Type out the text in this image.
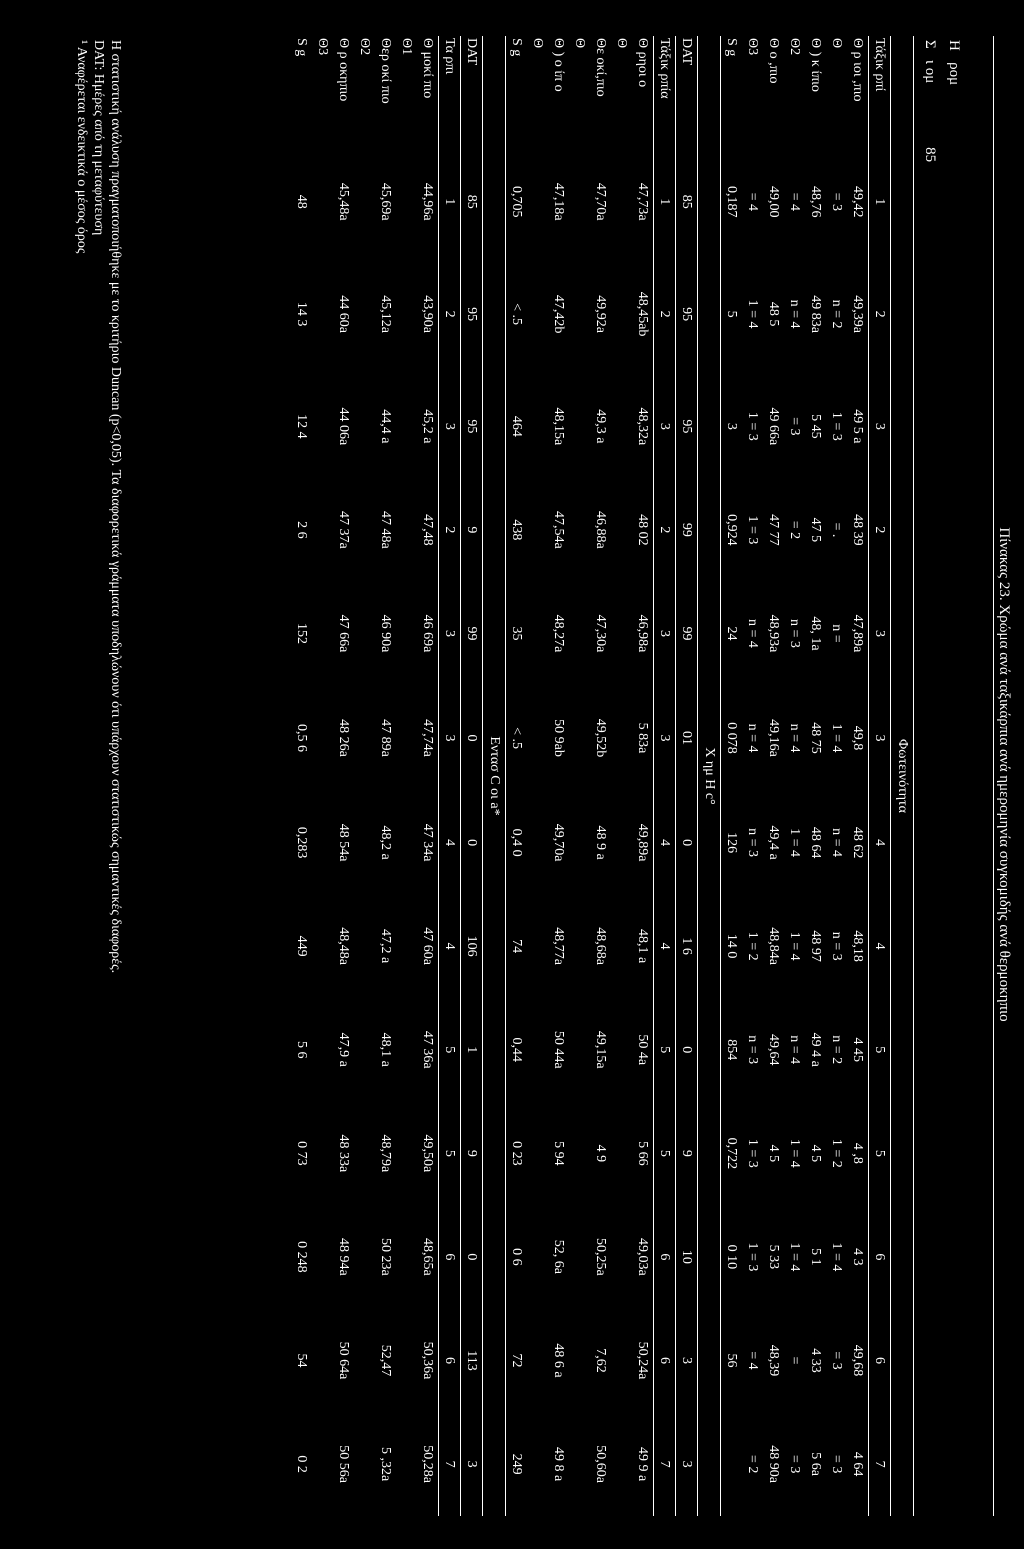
Πίνακας 23. Χρώμα ανά ταξικάρπια ανά ημερομηνία συγκομιδής ανά θερμοκηπιο
H   ρομ
Σ   ι ομ 85
Φωτεινότητα													
Τάξικ ρπί	1	2	3	2	3	3	4	4	5	5	6	6	7
Θ ρ ιοι ,πιο	49,42	49,39a	49 5 a	48 39	47,89a	49,8	48 62	48,18	4 45	4 ,8	4 3	49,68	4 64
Θ	= 3	n = 2	1 = 3	= .	n =	1 = 4	n = 4	n = 3	n = 2	1 = 2	1 = 4	= 3	= 3
Θ ) κ ίπιο	48,76	49 83a	5 45	47 5	48, 1a	48 75	48 64	48 97	49 4 a	4 5	5 1	4 33	5 6a
Θ2	= 4	n = 4	= 3	= 2	n = 3	n = 4	1 = 4	1 = 4	n = 4	1 = 4	1 = 4	=	= 3
Θ ο ,πιο	49,00	48 5	49 66a	47 77	48,93a	49,16a	49,4 a	48,84a	49,64	4 5	5 33	48,39	48 90a
Θ3	= 4	1 = 4	1 = 3	1 = 3	n = 4	n = 4	n = 3	1 = 2	n = 3	1 = 3	1 = 3	= 4	= 2
S g	0,187	5	3	0,924	24	0 078	126	14 0	854	0,722	0 10	56	
Χ ημ Η c°													
DAT	85	95	95	99	99	01	0	1 6	0	9	10	3	3
Τάξικ ρπία	1	2	3	2	3	3	4	4	5	5	6	6	7
Θ ρηοι ο	47,73a	48,45ab	48,32a	48 02	46,98a	5 83a	49,89a	48,1 a	50 4a	5 66	49,03a	50,24a	49 9 a
Θ													
Θε οκί,πιο	47,70a	49,92a	49,3 a	46,88a	47,30a	49,52b	48 9 a	48,68a	49,15a	4 9	50,25a	7,62	50,60a
Θ													
Θ ) ο ίπ ο	47,18a	47,42b	48,15a	47,54a	48,27a	50 9ab	49,70a	48,77a	50 44a	5 94	52, 6a	48 6 a	49 8 a
Θ													
S g	0,705	< .5	464	438	35	< .5	0,4 0	74	0,44	0 23	0 6	72	249
Εντασ C οι a*													
DAT	85	95	95	9	99	0	0	106	1	9	0	113	3
Τα ρπι	1	2	3	2	3	3	4	4	5	5	6	6	7
Θ μοκί πιο	44,96a	43,90a	45,2 a	47,48	46 69a	47,74a	47 34a	47 60a	47 36a	49,50a	48,65a	50,36a	50,28a
Θ1													
Θερ οκί πιο	45,69a	45,12a	44,4 a	47 48a	46 90a	47 89a	48,2 a	47,2 a	48,1 a	48,79a	50 23a	52,47	5 ,32a
Θ2													
Θ ρ οκηπιο	45,48a	44 60a	44 06a	47 37a	47 66a	48 26a	48 54a	48,48a	47,9 a	48 33a	48 94a	50 64a	50 56a
Θ3													
S g	48	14 3	12 4	2 6	152	0,5 6	0,283	449	5 6	0 73	0 248	54	0 2
Η στατιστική ανάλυση πραγματοποιήθηκε με το κριτήριο Duncan (p<0,05). Τα διαφορετικά γράμματα υποδηλώνουν ότι υπάρχουν στατιστικώς σημαντικές διαφορές.
DAT: Ημέρες από τη μεταφύτευση
¹ Αναφέρεται ενδεικτικά ο μέσος όρος
